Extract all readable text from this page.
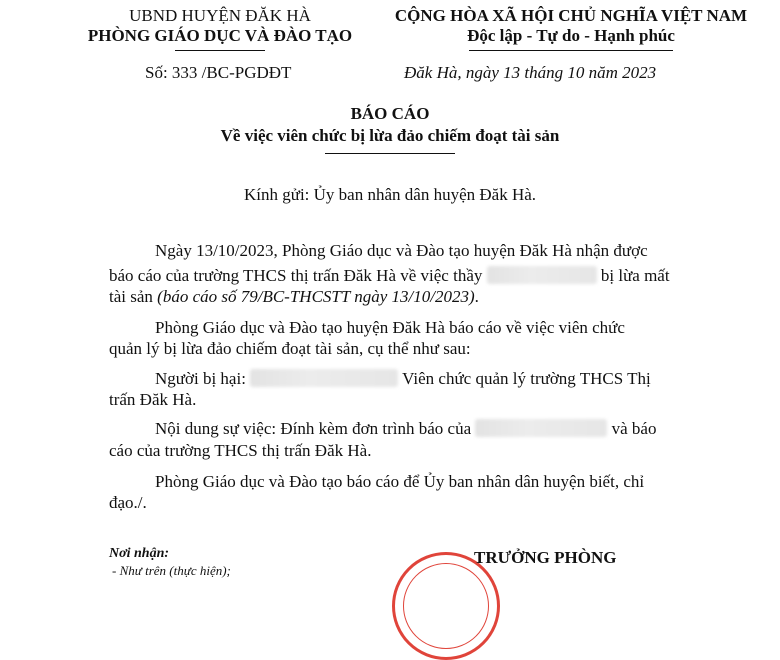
UBND HUYỆN ĐĂK HÀ
PHÒNG GIÁO DỤC VÀ ĐÀO TẠO
Số: 333 /BC-PGDĐT
CỘNG HÒA XÃ HỘI CHỦ NGHĨA VIỆT NAM
Độc lập - Tự do - Hạnh phúc
Đăk Hà, ngày 13 tháng 10 năm 2023
BÁO CÁO
Về việc viên chức bị lừa đảo chiếm đoạt tài sản
Kính gửi: Ủy ban nhân dân huyện Đăk Hà.
Ngày 13/10/2023, Phòng Giáo dục và Đào tạo huyện Đăk Hà nhận được
báo cáo của trường THCS thị trấn Đăk Hà về việc thầy	bị lừa mất
tài sản (báo cáo số 79/BC-THCSTT ngày 13/10/2023).
Phòng Giáo dục và Đào tạo huyện Đăk Hà báo cáo về việc viên chức
quản lý bị lừa đảo chiếm đoạt tài sản, cụ thể như sau:
Người bị hại:	Viên chức quản lý trường THCS Thị
trấn Đăk Hà.
Nội dung sự việc: Đính kèm đơn trình báo của	và báo
cáo của trường THCS thị trấn Đăk Hà.
Phòng Giáo dục và Đào tạo báo cáo để Ủy ban nhân dân huyện biết, chỉ
đạo./.
Nơi nhận:
- Như trên (thực hiện);
TRƯỞNG PHÒNG
